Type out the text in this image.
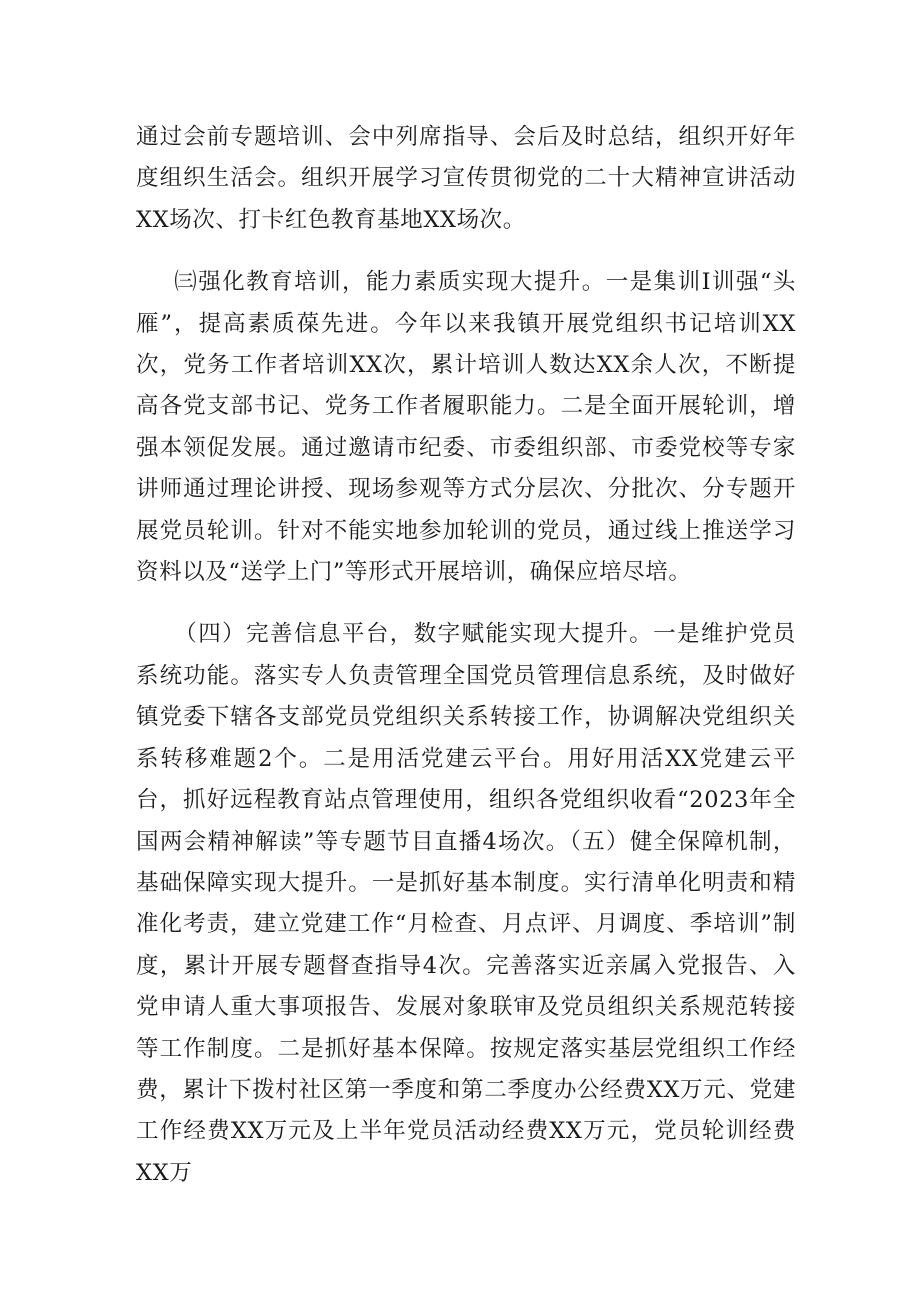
通过会前专题培训、会中列席指导、会后及时总结，组织开好年度组织生活会。组织开展学习宣传贯彻党的二十大精神宣讲活动XX场次、打卡红色教育基地XX场次。

㈢强化教育培训，能力素质实现大提升。一是集训I训强“头雁”，提高素质葆先进。今年以来我镇开展党组织书记培训XX次，党务工作者培训XX次，累计培训人数达XX余人次，不断提高各党支部书记、党务工作者履职能力。二是全面开展轮训，增强本领促发展。通过邀请市纪委、市委组织部、市委党校等专家讲师通过理论讲授、现场参观等方式分层次、分批次、分专题开展党员轮训。针对不能实地参加轮训的党员，通过线上推送学习资料以及“送学上门”等形式开展培训，确保应培尽培。

（四）完善信息平台，数字赋能实现大提升。一是维护党员系统功能。落实专人负责管理全国党员管理信息系统，及时做好镇党委下辖各支部党员党组织关系转接工作，协调解决党组织关系转移难题2个。二是用活党建云平台。用好用活XX党建云平台，抓好远程教育站点管理使用，组织各党组织收看“2023年全国两会精神解读”等专题节目直播4场次。（五）健全保障机制，基础保障实现大提升。一是抓好基本制度。实行清单化明责和精准化考责，建立党建工作“月检查、月点评、月调度、季培训”制度，累计开展专题督查指导4次。完善落实近亲属入党报告、入党申请人重大事项报告、发展对象联审及党员组织关系规范转接等工作制度。二是抓好基本保障。按规定落实基层党组织工作经费，累计下拨村社区第一季度和第二季度办公经费XX万元、党建工作经费XX万元及上半年党员活动经费XX万元，党员轮训经费XX万
